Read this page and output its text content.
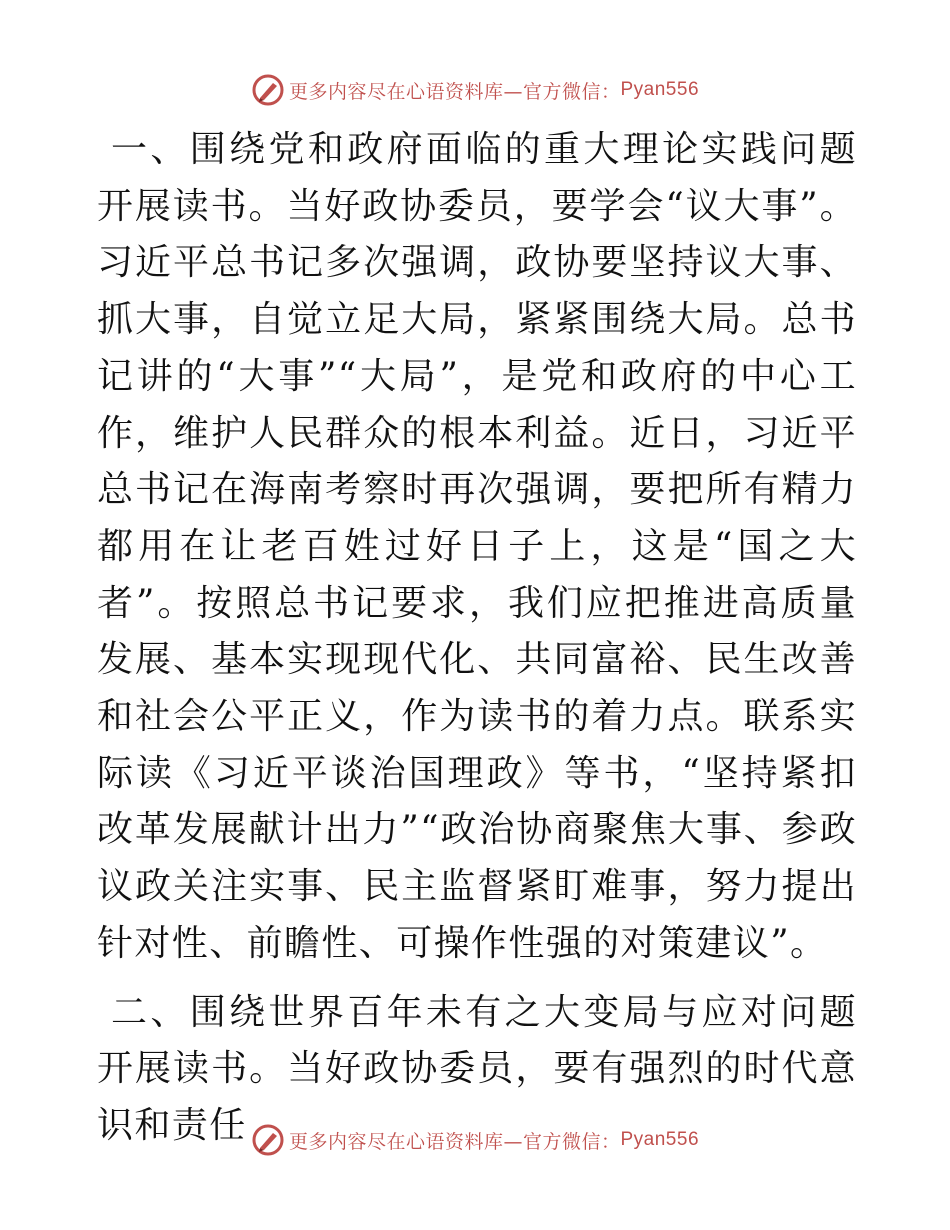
更多内容尽在心语资料库—官方微信： Pyan556

一、围绕党和政府面临的重大理论实践问题开展读书。当好政协委员，要学会“议大事”。习近平总书记多次强调，政协要坚持议大事、抓大事，自觉立足大局，紧紧围绕大局。总书记讲的“大事”“大局”，是党和政府的中心工作，维护人民群众的根本利益。近日，习近平总书记在海南考察时再次强调，要把所有精力都用在让老百姓过好日子上，这是“国之大者”。按照总书记要求，我们应把推进高质量发展、基本实现现代化、共同富裕、民生改善和社会公平正义，作为读书的着力点。联系实际读《习近平谈治国理政》等书，“坚持紧扣改革发展献计出力”“政治协商聚焦大事、参政议政关注实事、民主监督紧盯难事，努力提出针对性、前瞻性、可操作性强的对策建议”。

二、围绕世界百年未有之大变局与应对问题开展读书。当好政协委员，要有强烈的时代意识和责任	更多内容尽在心语资料库—官方微信： Pyan556
